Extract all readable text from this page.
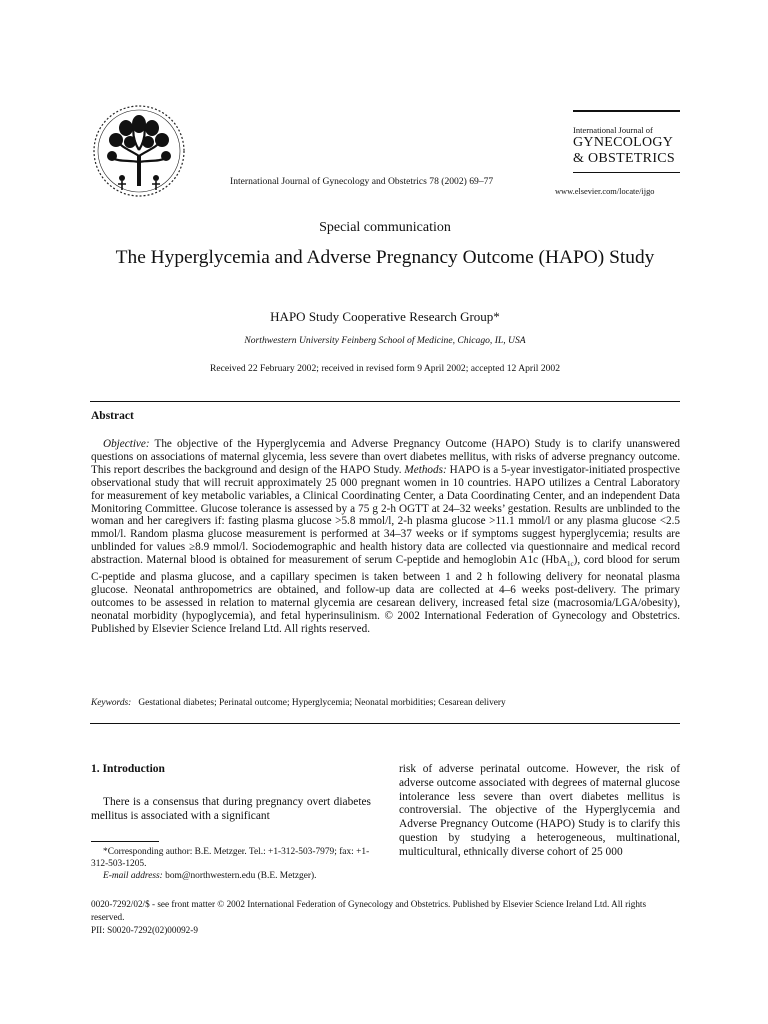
International Journal of Gynecology and Obstetrics 78 (2002) 69–77
International Journal of
GYNECOLOGY
& OBSTETRICS
www.elsevier.com/locate/ijgo
Special communication
The Hyperglycemia and Adverse Pregnancy Outcome (HAPO) Study
HAPO Study Cooperative Research Group*
Northwestern University Feinberg School of Medicine, Chicago, IL, USA
Received 22 February 2002; received in revised form 9 April 2002; accepted 12 April 2002
Abstract

Objective: The objective of the Hyperglycemia and Adverse Pregnancy Outcome (HAPO) Study is to clarify unanswered questions on associations of maternal glycemia, less severe than overt diabetes mellitus, with risks of adverse pregnancy outcome. This report describes the background and design of the HAPO Study. Methods: HAPO is a 5-year investigator-initiated prospective observational study that will recruit approximately 25 000 pregnant women in 10 countries. HAPO utilizes a Central Laboratory for measurement of key metabolic variables, a Clinical Coordinating Center, a Data Coordinating Center, and an independent Data Monitoring Committee. Glucose tolerance is assessed by a 75 g 2-h OGTT at 24–32 weeks’ gestation. Results are unblinded to the woman and her caregivers if: fasting plasma glucose >5.8 mmol/l, 2-h plasma glucose >11.1 mmol/l or any plasma glucose <2.5 mmol/l. Random plasma glucose measurement is performed at 34–37 weeks or if symptoms suggest hyperglycemia; results are unblinded for values ≥8.9 mmol/l. Sociodemographic and health history data are collected via questionnaire and medical record abstraction. Maternal blood is obtained for measurement of serum C-peptide and hemoglobin A1c (HbA$_{1c}$), cord blood for serum C-peptide and plasma glucose, and a capillary specimen is taken between 1 and 2 h following delivery for neonatal plasma glucose. Neonatal anthropometrics are obtained, and follow-up data are collected at 4–6 weeks post-delivery. The primary outcomes to be assessed in relation to maternal glycemia are cesarean delivery, increased fetal size (macrosomia/LGA/obesity), neonatal morbidity (hypoglycemia), and fetal hyperinsulinism. © 2002 International Federation of Gynecology and Obstetrics. Published by Elsevier Science Ireland Ltd. All rights reserved.

Keywords: Gestational diabetes; Perinatal outcome; Hyperglycemia; Neonatal morbidities; Cesarean delivery
1. Introduction

There is a consensus that during pregnancy overt diabetes mellitus is associated with a significant

*Corresponding author: B.E. Metzger. Tel.: +1-312-503-7979; fax: +1-312-503-1205.

E-mail address: bom@northwestern.edu (B.E. Metzger).

risk of adverse perinatal outcome. However, the risk of adverse outcome associated with degrees of maternal glucose intolerance less severe than overt diabetes mellitus is controversial. The objective of the Hyperglycemia and Adverse Pregnancy Outcome (HAPO) Study is to clarify this question by studying a heterogeneous, multinational, multicultural, ethnically diverse cohort of 25 000

0020-7292/02/$ - see front matter © 2002 International Federation of Gynecology and Obstetrics. Published by Elsevier Science Ireland Ltd. All rights reserved.
PII: S0020-7292(02)00092-9
